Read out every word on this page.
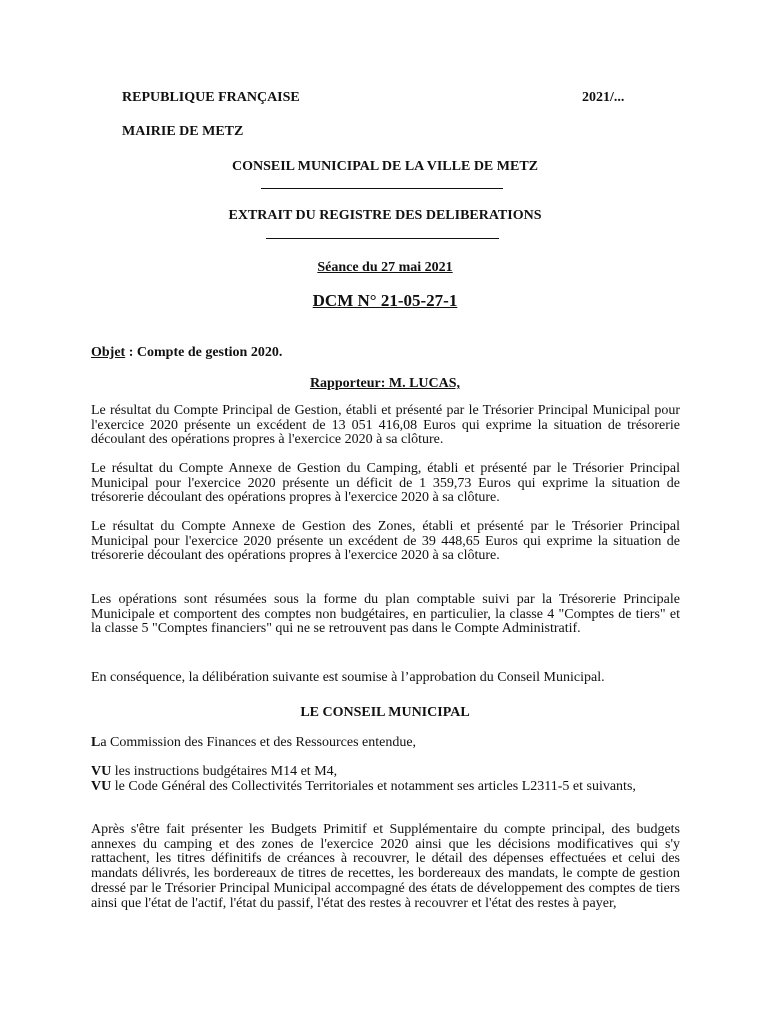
REPUBLIQUE FRANÇAISE	2021/...
MAIRIE DE METZ
CONSEIL MUNICIPAL DE LA VILLE DE METZ
EXTRAIT DU REGISTRE DES DELIBERATIONS
Séance du 27 mai 2021
DCM N° 21-05-27-1
Objet : Compte de gestion 2020.
Rapporteur: M. LUCAS,
Le résultat du Compte Principal de Gestion, établi et présenté par le Trésorier Principal Municipal pour l'exercice 2020 présente un excédent de 13 051 416,08 Euros qui exprime la situation de trésorerie découlant des opérations propres à l'exercice 2020 à sa clôture.
Le résultat du Compte Annexe de Gestion du Camping, établi et présenté par le Trésorier Principal Municipal pour l'exercice 2020 présente un déficit de 1 359,73 Euros qui exprime la situation de trésorerie découlant des opérations propres à l'exercice 2020 à sa clôture.
Le résultat du Compte Annexe de Gestion des Zones, établi et présenté par le Trésorier Principal Municipal pour l'exercice 2020 présente un excédent de 39 448,65 Euros qui exprime la situation de trésorerie découlant des opérations propres à l'exercice 2020 à sa clôture.
Les opérations sont résumées sous la forme du plan comptable suivi par la Trésorerie Principale Municipale et comportent des comptes non budgétaires, en particulier, la classe 4 "Comptes de tiers" et la classe 5 "Comptes financiers" qui ne se retrouvent pas dans le Compte Administratif.
En conséquence, la délibération suivante est soumise à l’approbation du Conseil Municipal.
LE CONSEIL MUNICIPAL
La Commission des Finances et des Ressources entendue,
VU les instructions budgétaires M14 et M4,
VU le Code Général des Collectivités Territoriales et notamment ses articles L2311-5 et suivants,
Après s'être fait présenter les Budgets Primitif et Supplémentaire du compte principal, des budgets annexes du camping et des zones de l'exercice 2020 ainsi que les décisions modificatives qui s'y rattachent, les titres définitifs de créances à recouvrer, le détail des dépenses effectuées et celui des mandats délivrés, les bordereaux de titres de recettes, les bordereaux des mandats, le compte de gestion dressé par le Trésorier Principal Municipal accompagné des états de développement des comptes de tiers ainsi que l'état de l'actif, l'état du passif, l'état des restes à recouvrer et l'état des restes à payer,
